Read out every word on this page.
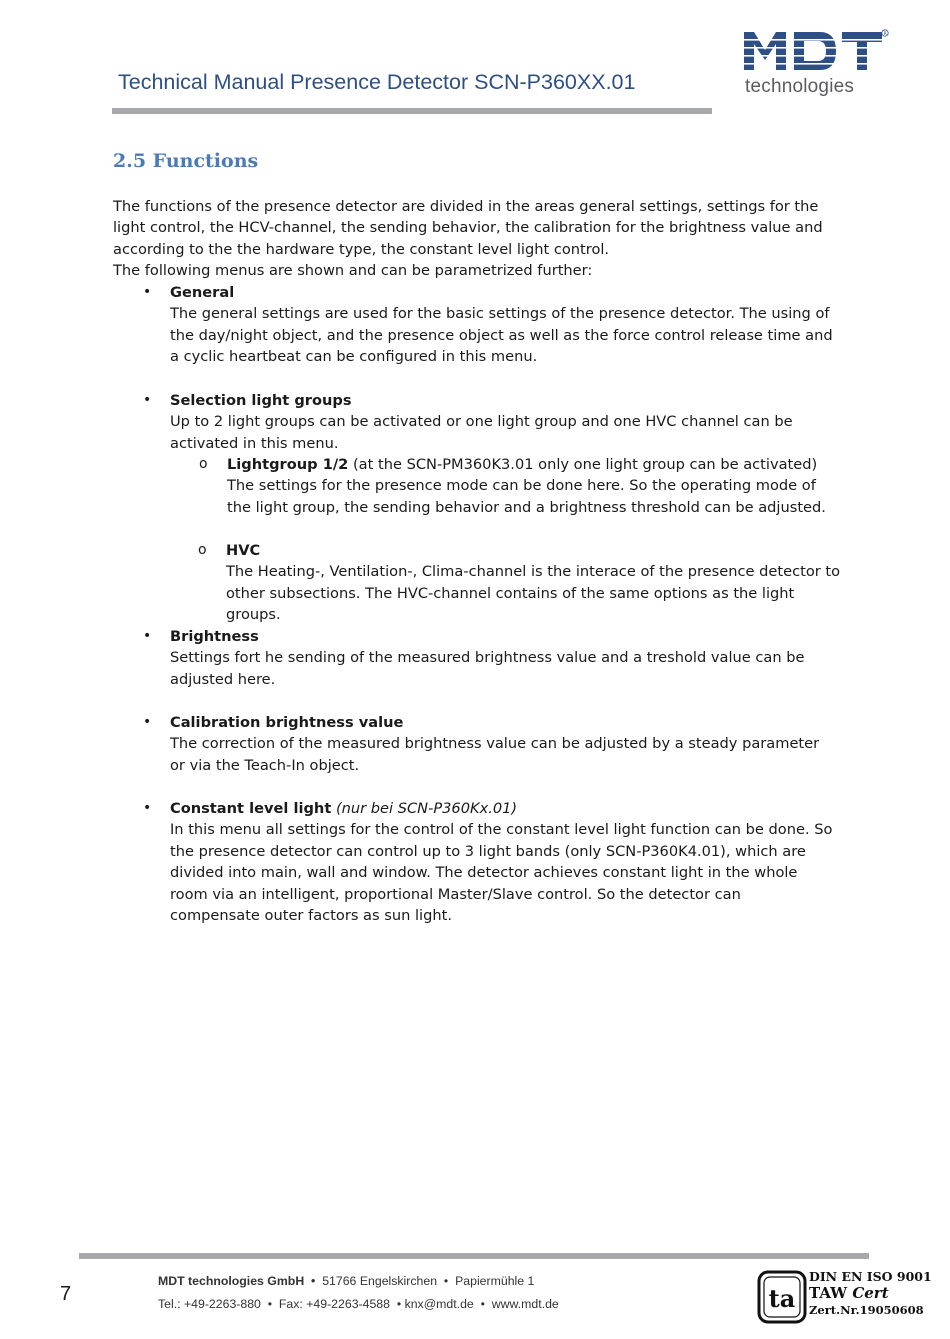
Technical Manual Presence Detector SCN-P360XX.01
R
technologies
2.5 Functions

The functions of the presence detector are divided in the areas general settings, settings for the light control, the HCV-channel, the sending behavior, the calibration for the brightness value and according to the the hardware type, the constant level light control.

The following menus are shown and can be parametrized further:

• General

The general settings are used for the basic settings of the presence detector. The using of the day/night object, and the presence object as well as the force control release time and a cyclic heartbeat can be configured in this menu.

• Selection light groups

Up to 2 light groups can be activated or one light group and one HVC channel can be activated in this menu.

o Lightgroup 1/2 (at the SCN-PM360K3.01 only one light group can be activated)

The settings for the presence mode can be done here. So the operating mode of the light group, the sending behavior and a brightness threshold can be adjusted.

o HVC

The Heating-, Ventilation-, Clima-channel is the interace of the presence detector to other subsections. The HVC-channel contains of the same options as the light groups.

• Brightness

Settings fort he sending of the measured brightness value and a treshold value can be adjusted here.

• Calibration brightness value

The correction of the measured brightness value can be adjusted by a steady parameter or via the Teach-In object.

• Constant level light (nur bei SCN-P360Kx.01)

In this menu all settings for the control of the constant level light function can be done. So the presence detector can control up to 3 light bands (only SCN-P360K4.01), which are divided into main, wall and window. The detector achieves constant light in the whole room via an intelligent, proportional Master/Slave control. So the detector can compensate outer factors as sun light.

7
MDT technologies GmbH • 51766 Engelskirchen • Papiermühle 1
Tel.: +49-2263-880 • Fax: +49-2263-4588 • knx@mdt.de • www.mdt.de	ta
DIN EN ISO 9001
TAW Cert
Zert.Nr.19050608
